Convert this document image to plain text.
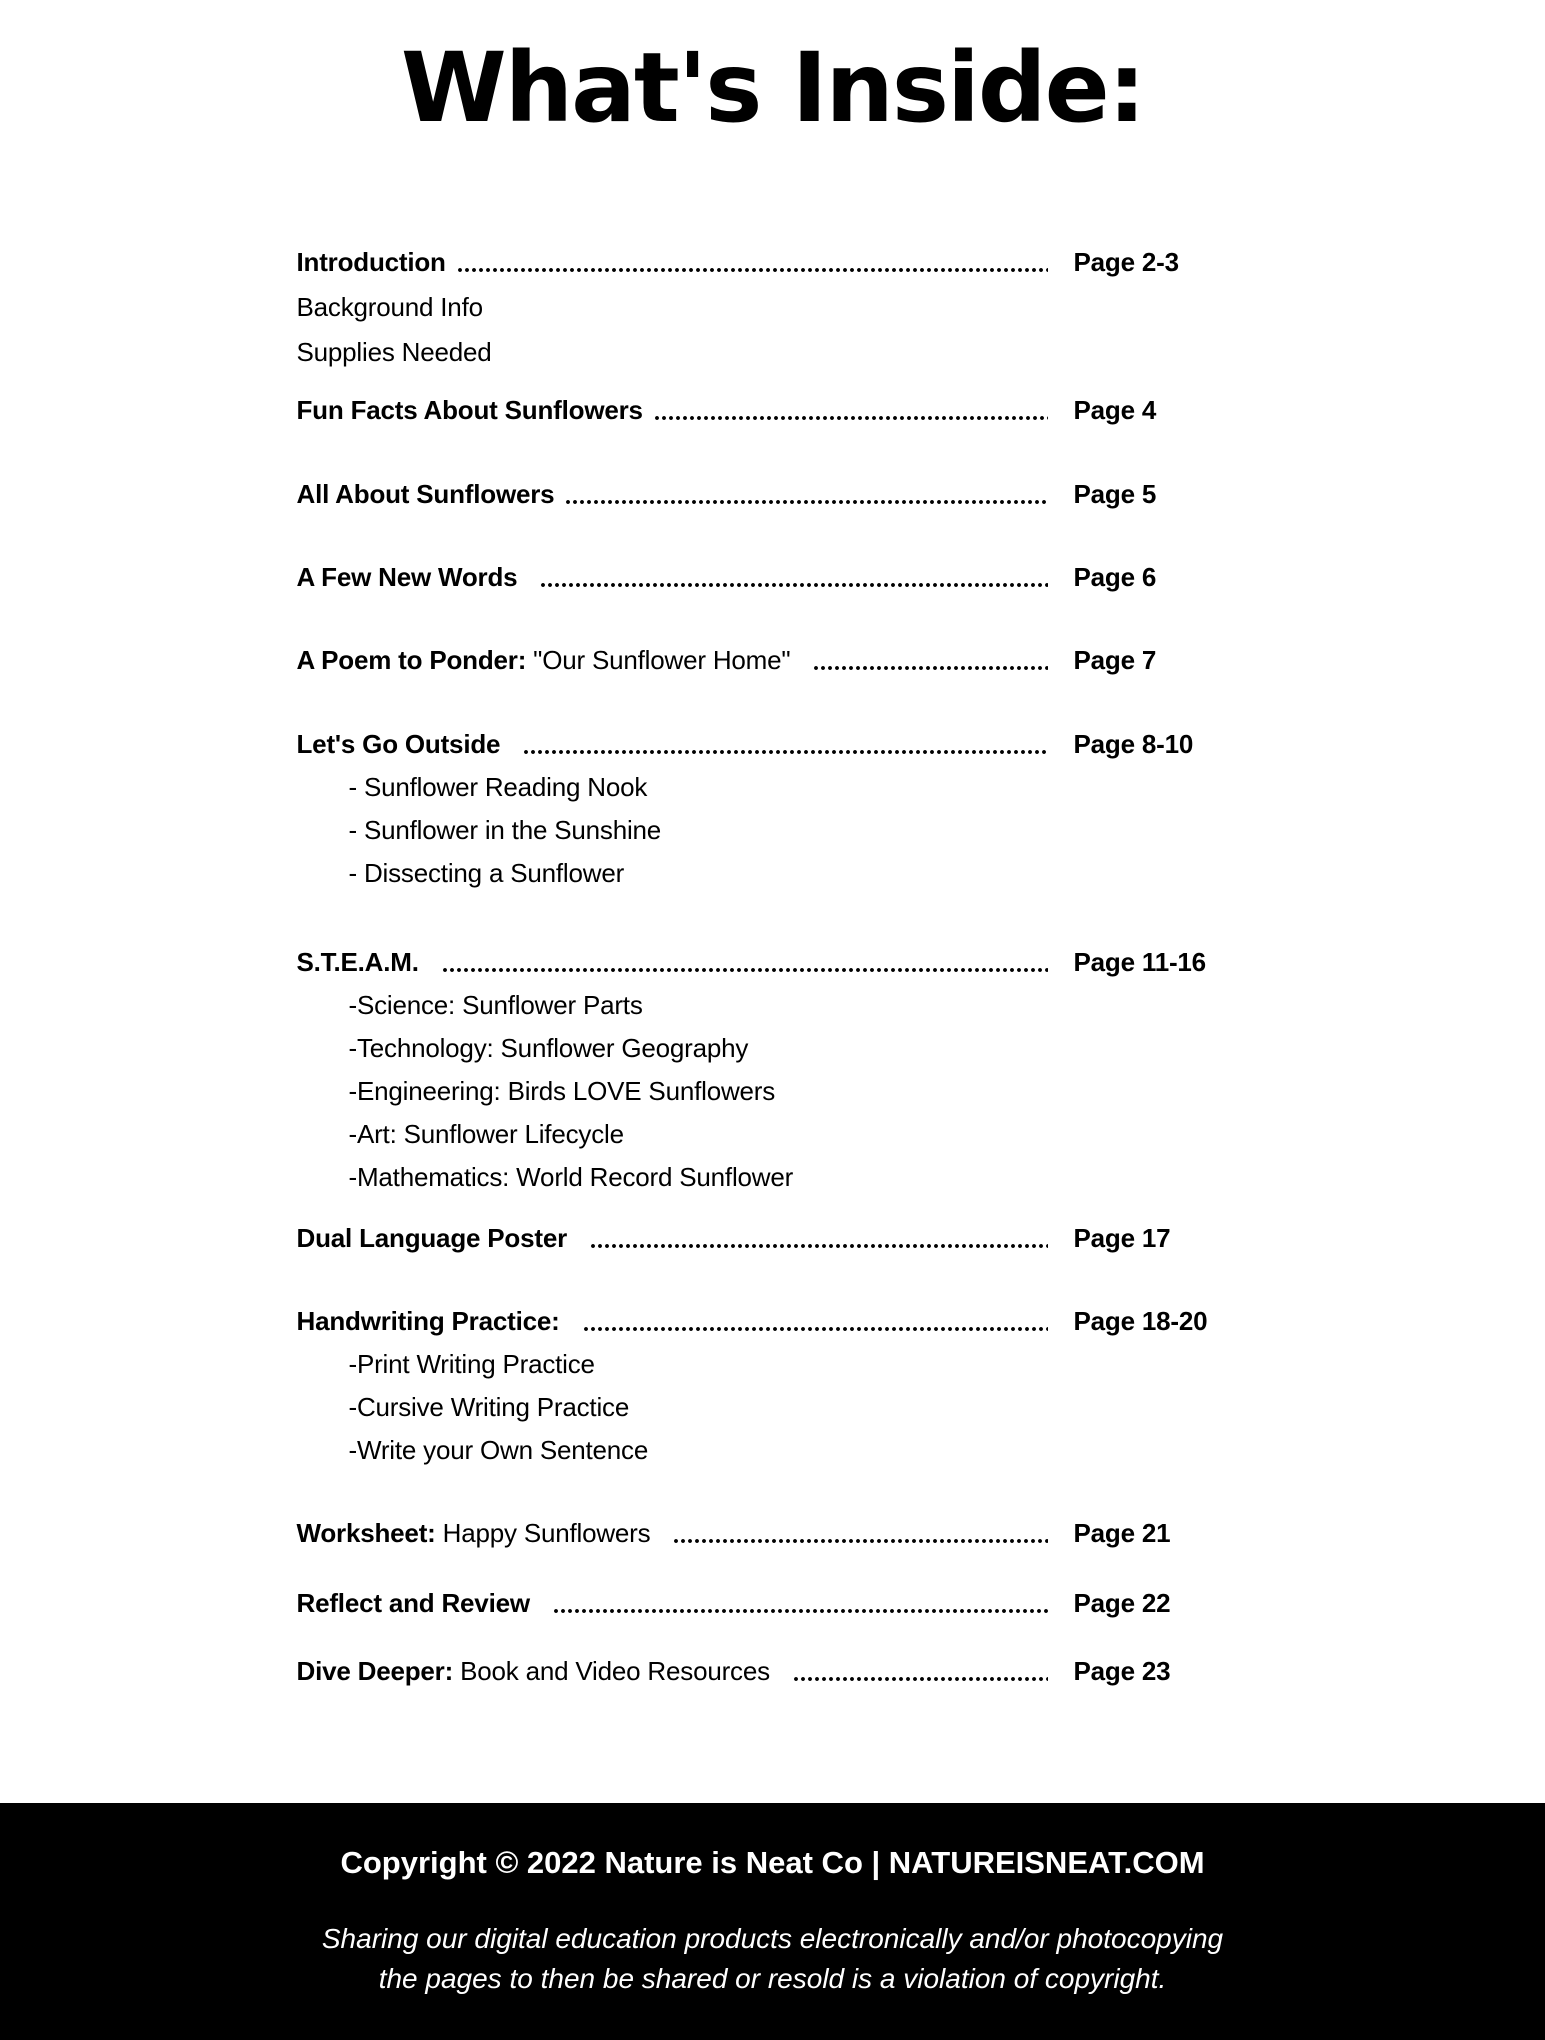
What's Inside:
Introduction	Page 2-3
Background Info
Supplies Needed
Fun Facts About Sunflowers	Page 4
All About Sunflowers	Page 5
A Few New Words	Page 6
A Poem to Ponder: "Our Sunflower Home"	Page 7
Let's Go Outside	Page 8-10
- Sunflower Reading Nook
- Sunflower in the Sunshine
- Dissecting a Sunflower
S.T.E.A.M.	Page 11-16
-Science: Sunflower Parts
-Technology: Sunflower Geography
-Engineering: Birds LOVE Sunflowers
-Art: Sunflower Lifecycle
-Mathematics: World Record Sunflower
Dual Language Poster	Page 17
Handwriting Practice:	Page 18-20
-Print Writing Practice
-Cursive Writing Practice
-Write your Own Sentence
Worksheet: Happy Sunflowers	Page 21
Reflect and Review	Page 22
Dive Deeper: Book and Video Resources	Page 23
Copyright © 2022 Nature is Neat Co | NATUREISNEAT.COM
Sharing our digital education products electronically and/or photocopying
the pages to then be shared or resold is a violation of copyright.
